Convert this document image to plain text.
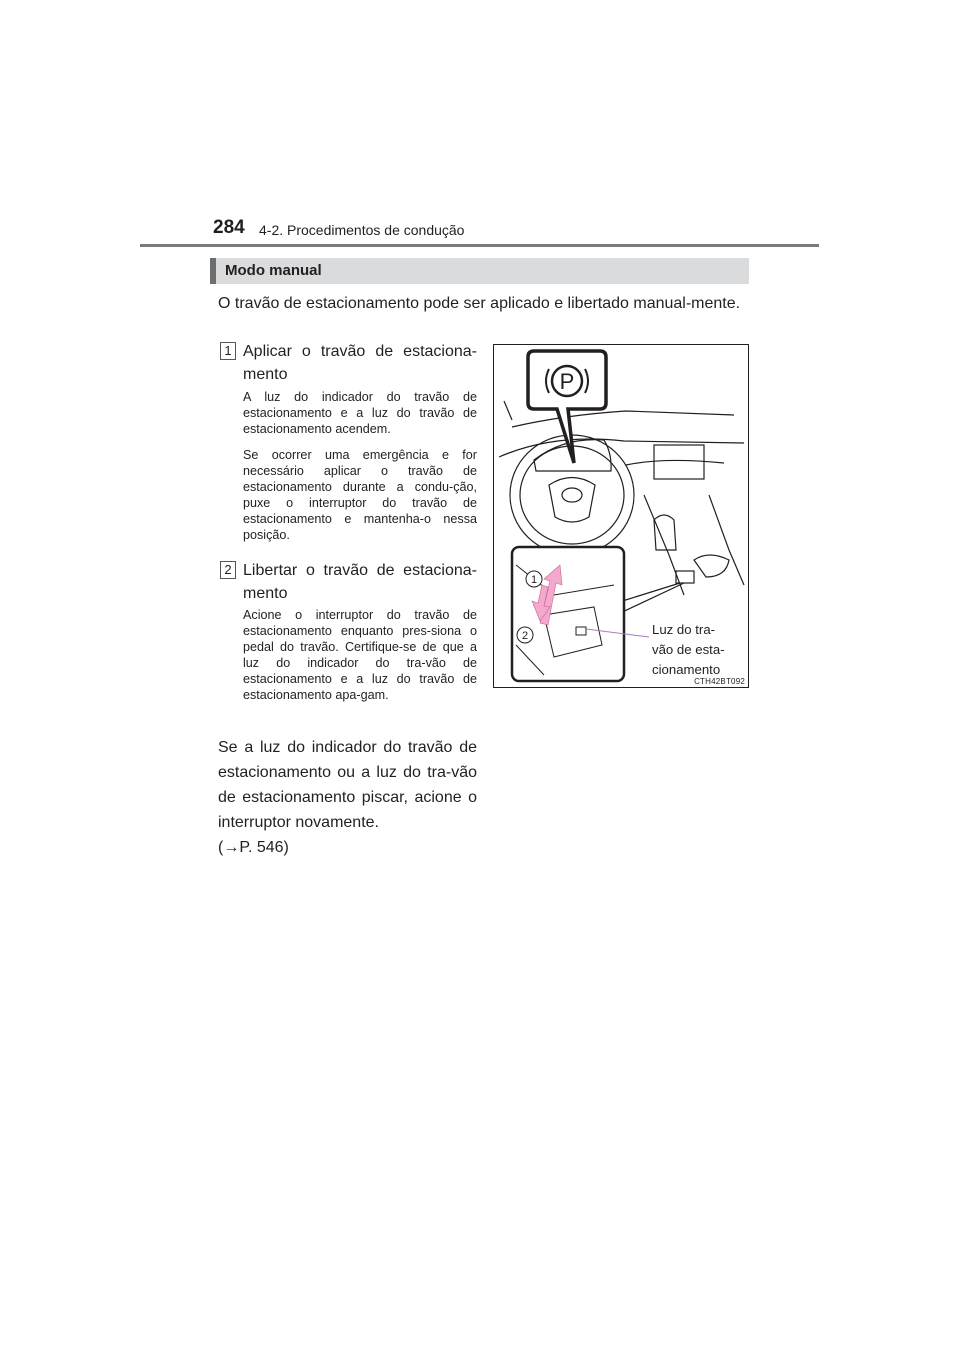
284 4-2. Procedimentos de condução
Modo manual
O travão de estacionamento pode ser aplicado e libertado manual-mente.
1 Aplicar o travão de estaciona-mento
A luz do indicador do travão de estacionamento e a luz do travão de estacionamento acendem.
Se ocorrer uma emergência e for necessário aplicar o travão de estacionamento durante a condu-ção, puxe o interruptor do travão de estacionamento e mantenha-o nessa posição.
2 Libertar o travão de estaciona-mento
Acione o interruptor do travão de estacionamento enquanto pres-siona o pedal do travão. Certifique-se de que a luz do indicador do tra-vão de estacionamento e a luz do travão de estacionamento apa-gam.
Se a luz do indicador do travão de estacionamento ou a luz do tra-vão de estacionamento piscar, acione o interruptor novamente.
(→P. 546)
P
1
2	Luz do tra-
vão de esta-
cionamento
CTH42BT092
